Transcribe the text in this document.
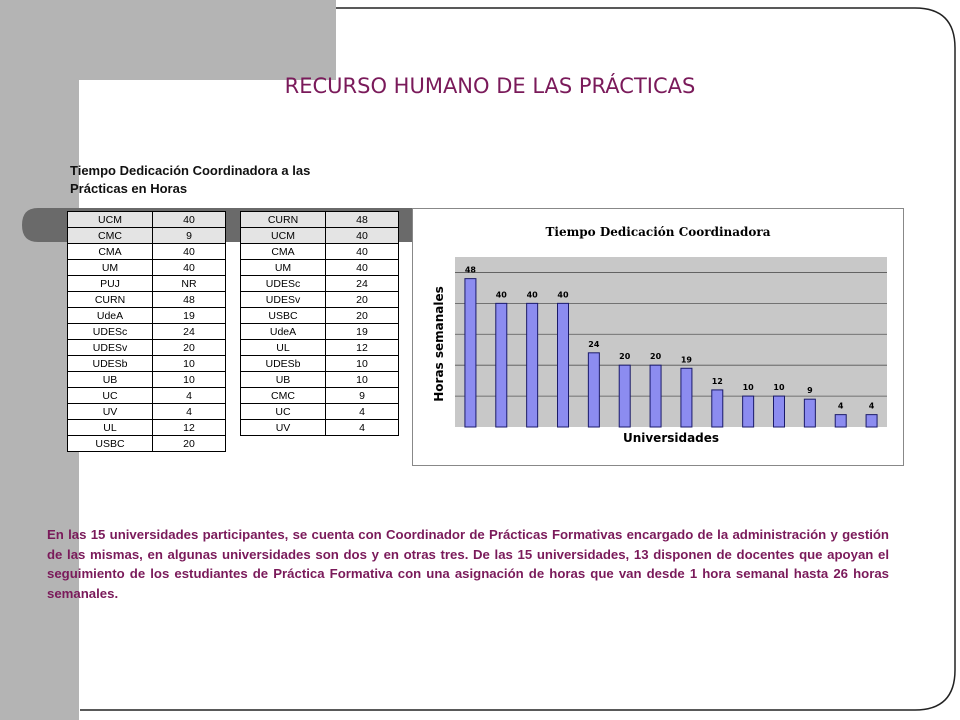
RECURSO HUMANO DE LAS PRÁCTICAS
Tiempo Dedicación Coordinadora a las Prácticas en Horas
UCM	40
CMC	9
CMA	40
UM	40
PUJ	NR
CURN	48
UdeA	19
UDESc	24
UDESv	20
UDESb	10
UB	10
UC	4
UV	4
UL	12
USBC	20
CURN	48
UCM	40
CMA	40
UM	40
UDESc	24
UDESv	20
USBC	20
UdeA	19
UL	12
UDESb	10
UB	10
CMC	9
UC	4
UV	4
Tiempo Dedicación Coordinadora
Universidades
Horas semanales
48
40 40 40
24
20 20 19
12
10 10	9
4	4
En las 15 universidades participantes, se cuenta con Coordinador de Prácticas Formativas encargado de la administración y gestión de las mismas, en algunas universidades son dos y en otras tres. De las 15 universidades, 13 disponen de docentes que apoyan el seguimiento de los estudiantes de Práctica Formativa con una asignación de horas que van desde 1 hora semanal hasta 26 horas semanales.
